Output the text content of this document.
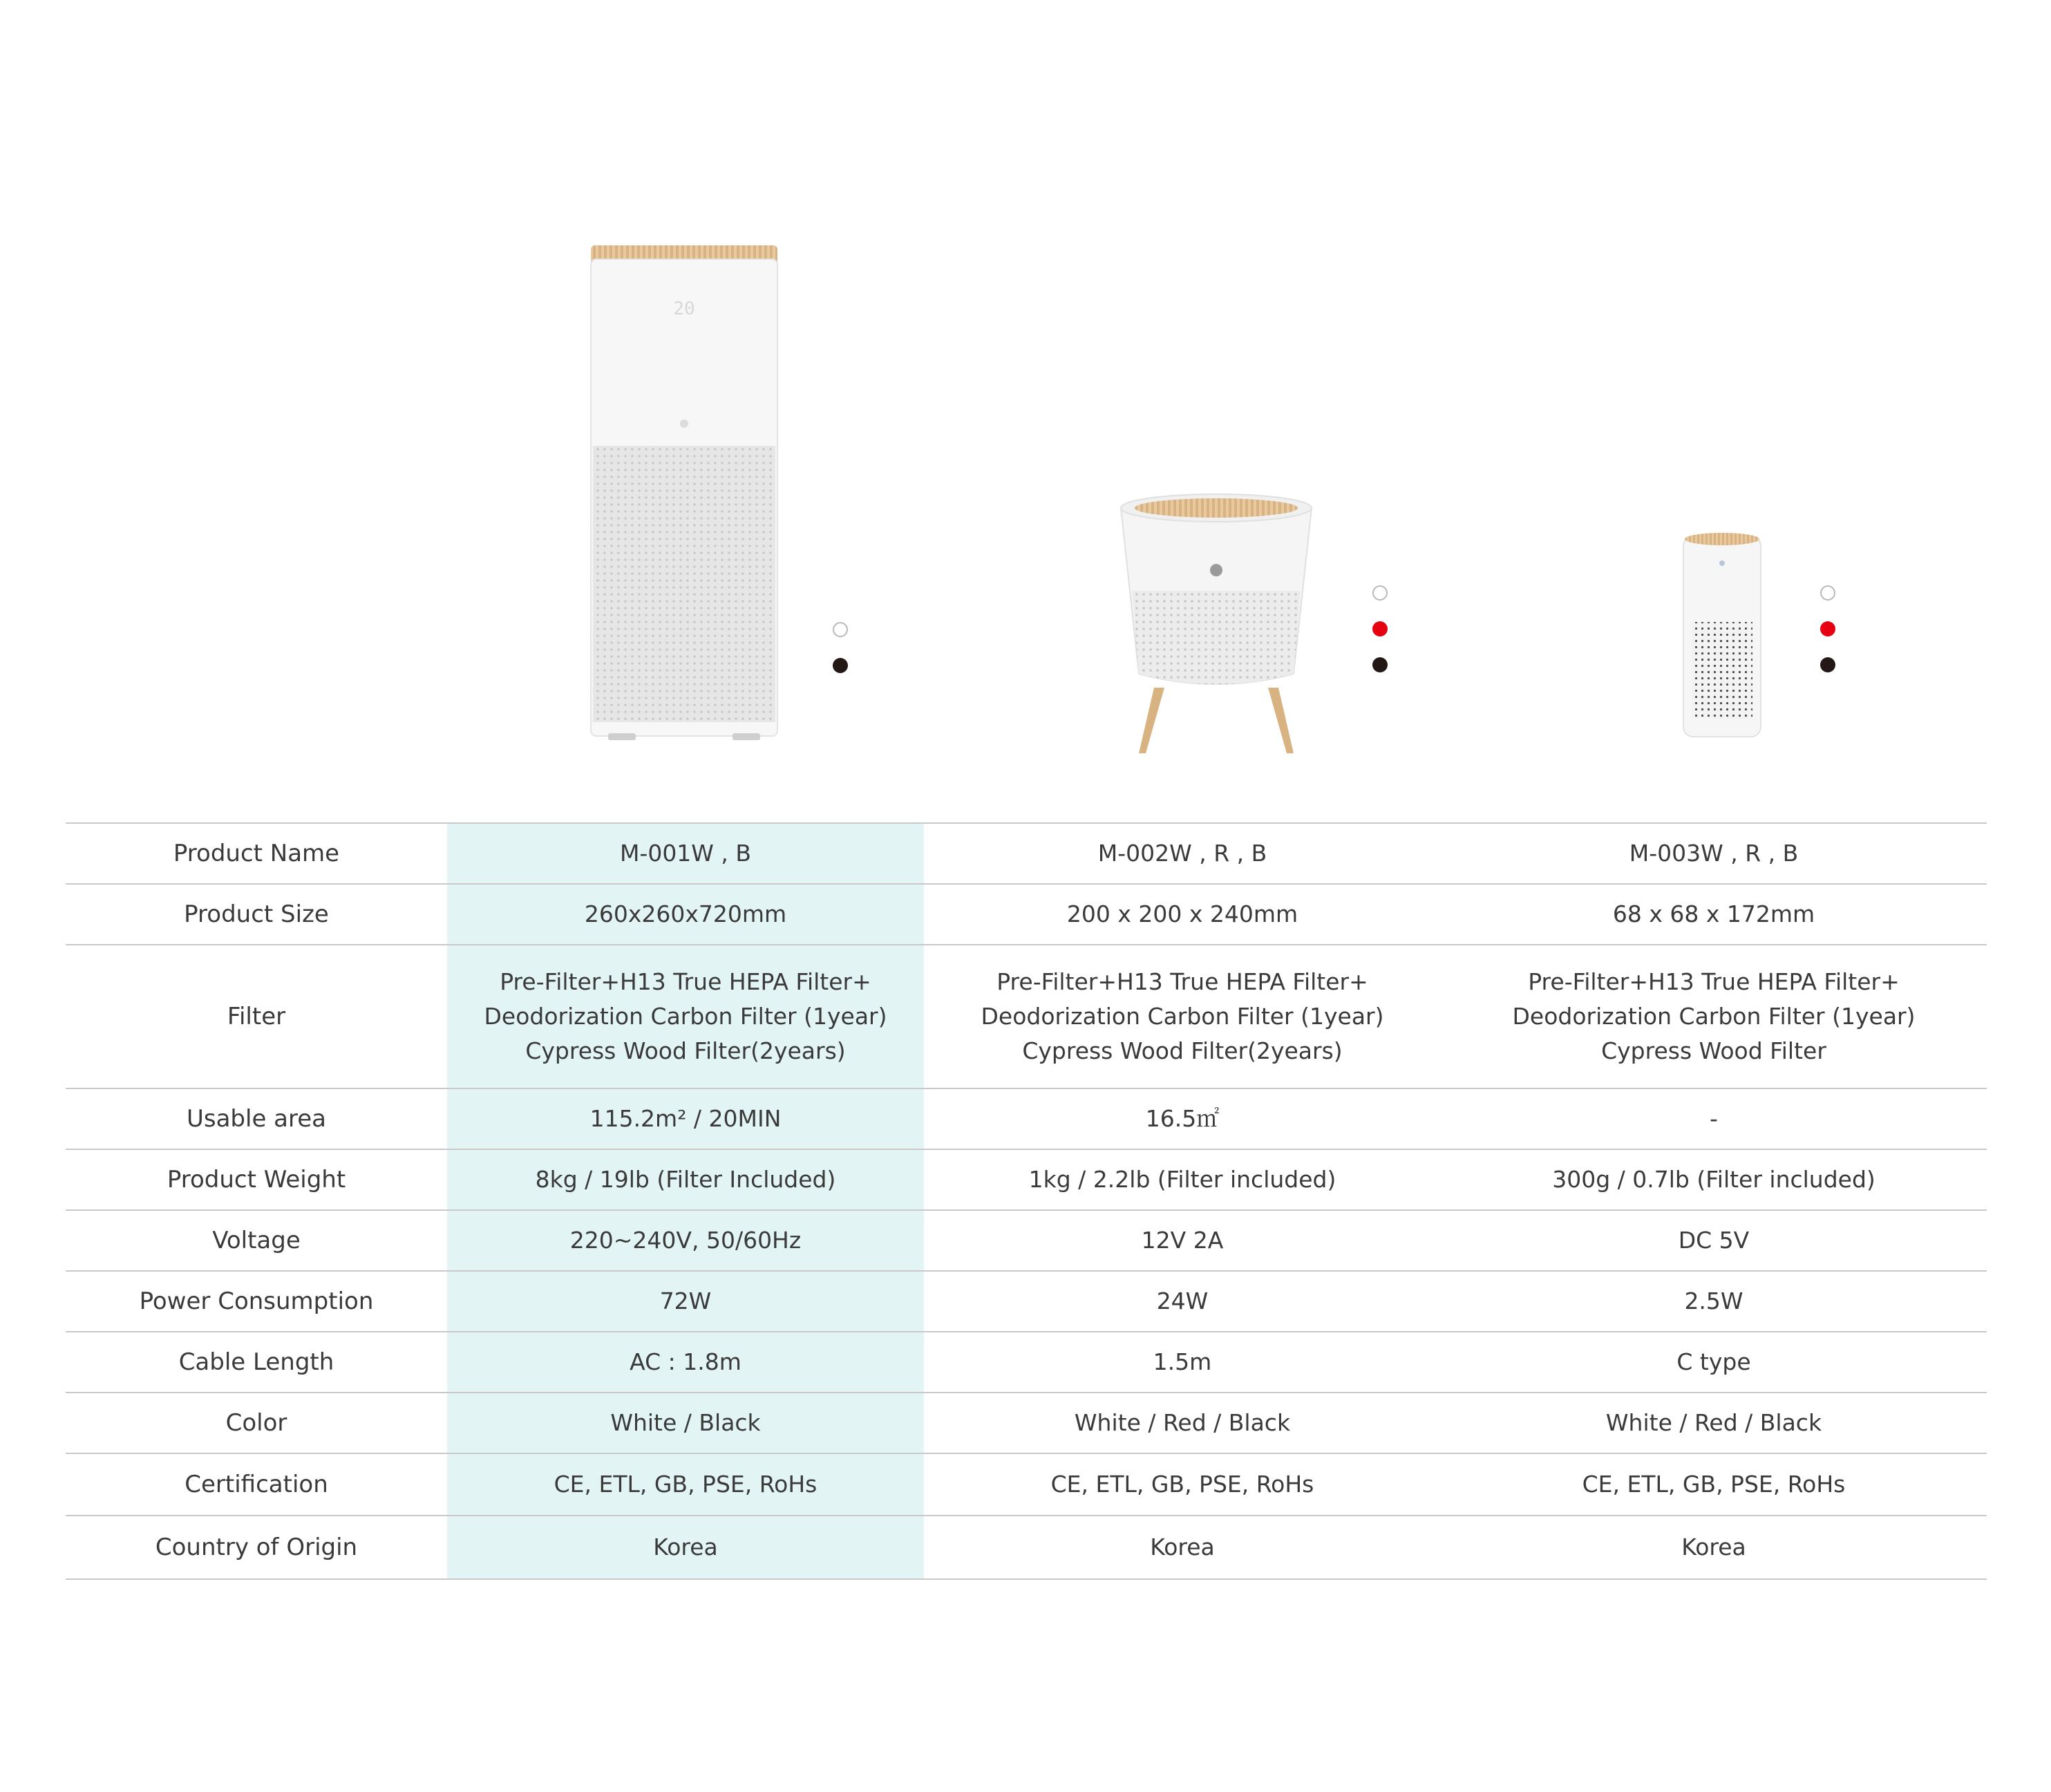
20
Product Name	M-001W , B	M-002W , R , B	M-003W , R , B
Product Size	260x260x720mm	200 x 200 x 240mm	68 x 68 x 172mm
Filter	Pre-Filter+H13 True HEPA Filter+
Deodorization Carbon Filter (1year)
Cypress Wood Filter(2years)	Pre-Filter+H13 True HEPA Filter+
Deodorization Carbon Filter (1year)
Cypress Wood Filter(2years)	Pre-Filter+H13 True HEPA Filter+
Deodorization Carbon Filter (1year)
Cypress Wood Filter

Usable area	115.2m² / 20MIN	16.5㎡	-
Product Weight	8kg / 19lb (Filter Included)	1kg / 2.2lb (Filter included)	300g / 0.7lb (Filter included)
Voltage	220~240V, 50/60Hz	12V 2A	DC 5V
Power Consumption	72W	24W	2.5W
Cable Length	AC : 1.8m	1.5m	C type
Color	White / Black	White / Red / Black	White / Red / Black
Certification	CE, ETL, GB, PSE, RoHs	CE, ETL, GB, PSE, RoHs	CE, ETL, GB, PSE, RoHs
Country of Origin	Korea	Korea	Korea
